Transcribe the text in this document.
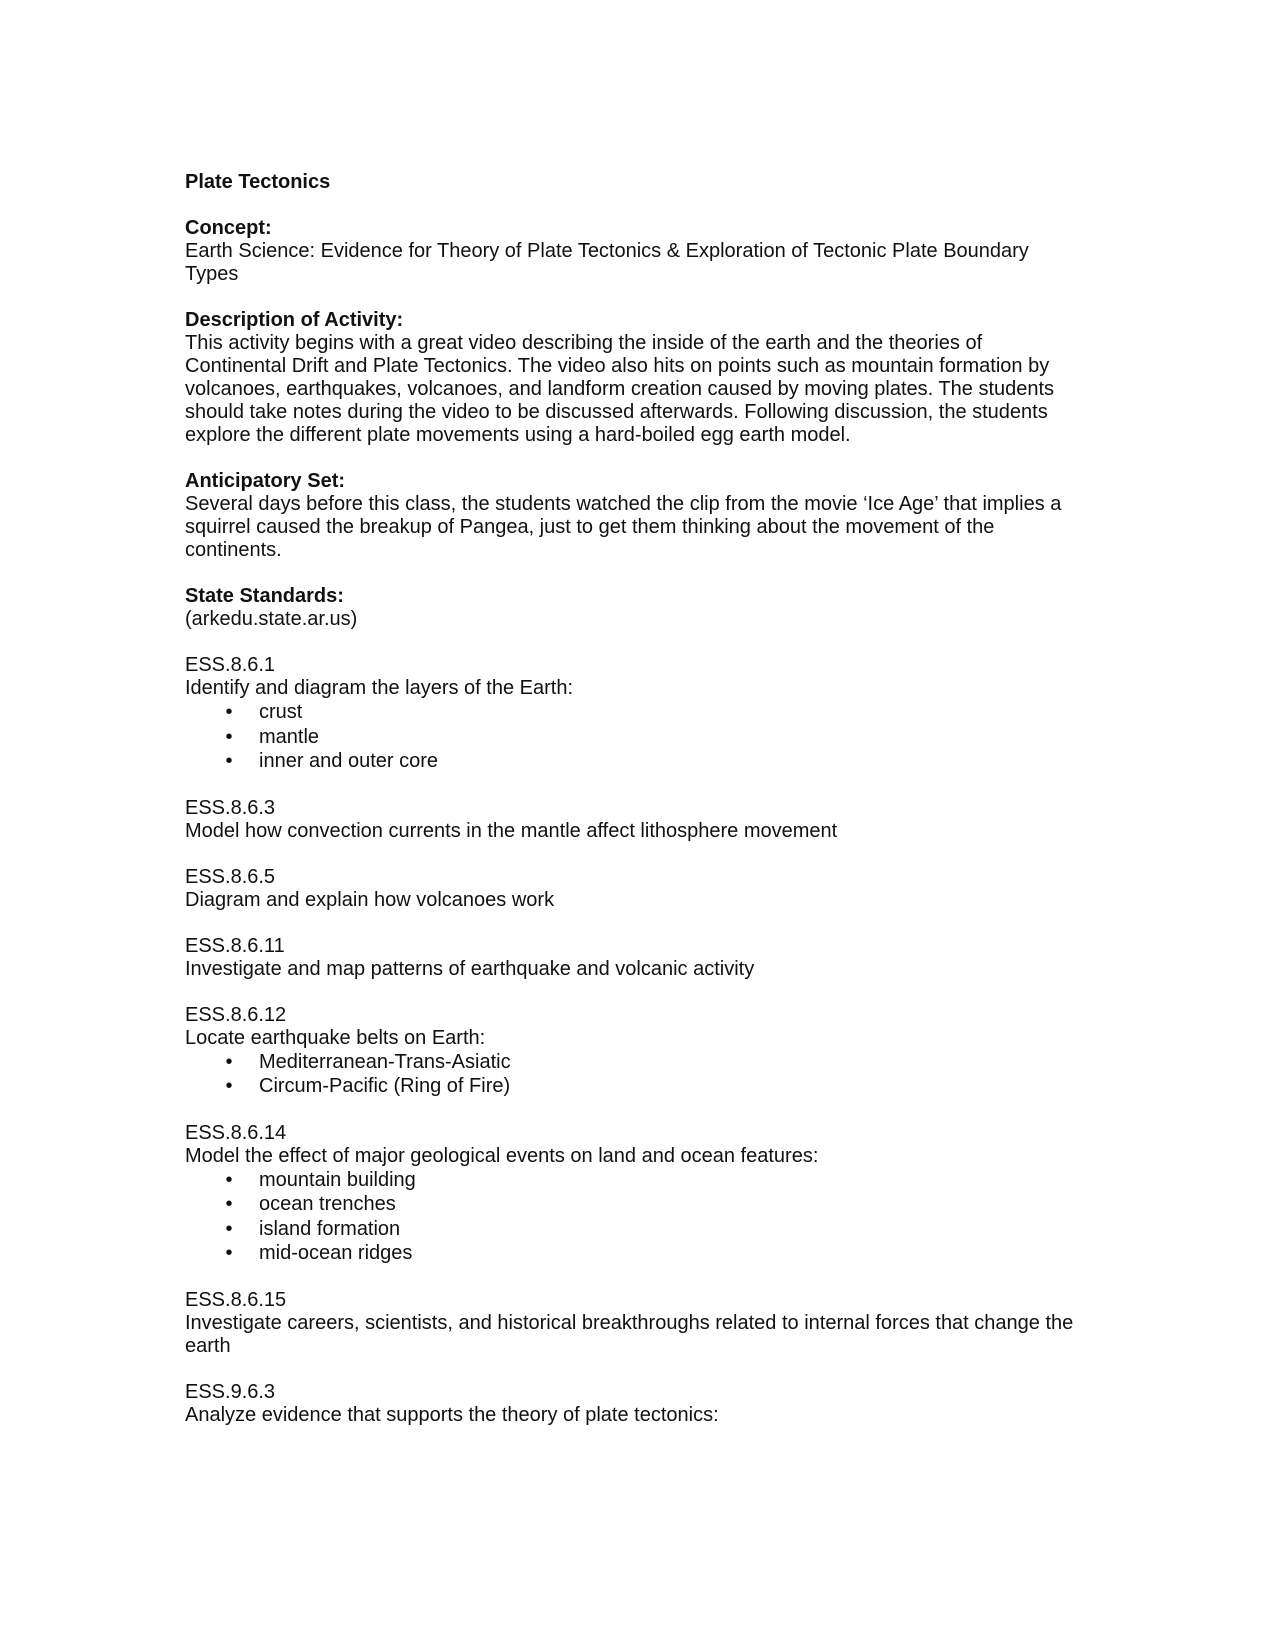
Plate Tectonics
Concept:
Earth Science: Evidence for Theory of Plate Tectonics & Exploration of Tectonic Plate Boundary Types
Description of Activity:
This activity begins with a great video describing the inside of the earth and the theories of Continental Drift and Plate Tectonics. The video also hits on points such as mountain formation by volcanoes, earthquakes, volcanoes, and landform creation caused by moving plates. The students should take notes during the video to be discussed afterwards. Following discussion, the students explore the different plate movements using a hard-boiled egg earth model.
Anticipatory Set:
Several days before this class, the students watched the clip from the movie ‘Ice Age’ that implies a squirrel caused the breakup of Pangea, just to get them thinking about the movement of the continents.
State Standards:
(arkedu.state.ar.us)
ESS.8.6.1
Identify and diagram the layers of the Earth:
• crust
• mantle
• inner and outer core
ESS.8.6.3
Model how convection currents in the mantle affect lithosphere movement
ESS.8.6.5
Diagram and explain how volcanoes work
ESS.8.6.11
Investigate and map patterns of earthquake and volcanic activity
ESS.8.6.12
Locate earthquake belts on Earth:
• Mediterranean-Trans-Asiatic
• Circum-Pacific (Ring of Fire)
ESS.8.6.14
Model the effect of major geological events on land and ocean features:
• mountain building
• ocean trenches
• island formation
• mid-ocean ridges
ESS.8.6.15
Investigate careers, scientists, and historical breakthroughs related to internal forces that change the earth
ESS.9.6.3
Analyze evidence that supports the theory of plate tectonics:
